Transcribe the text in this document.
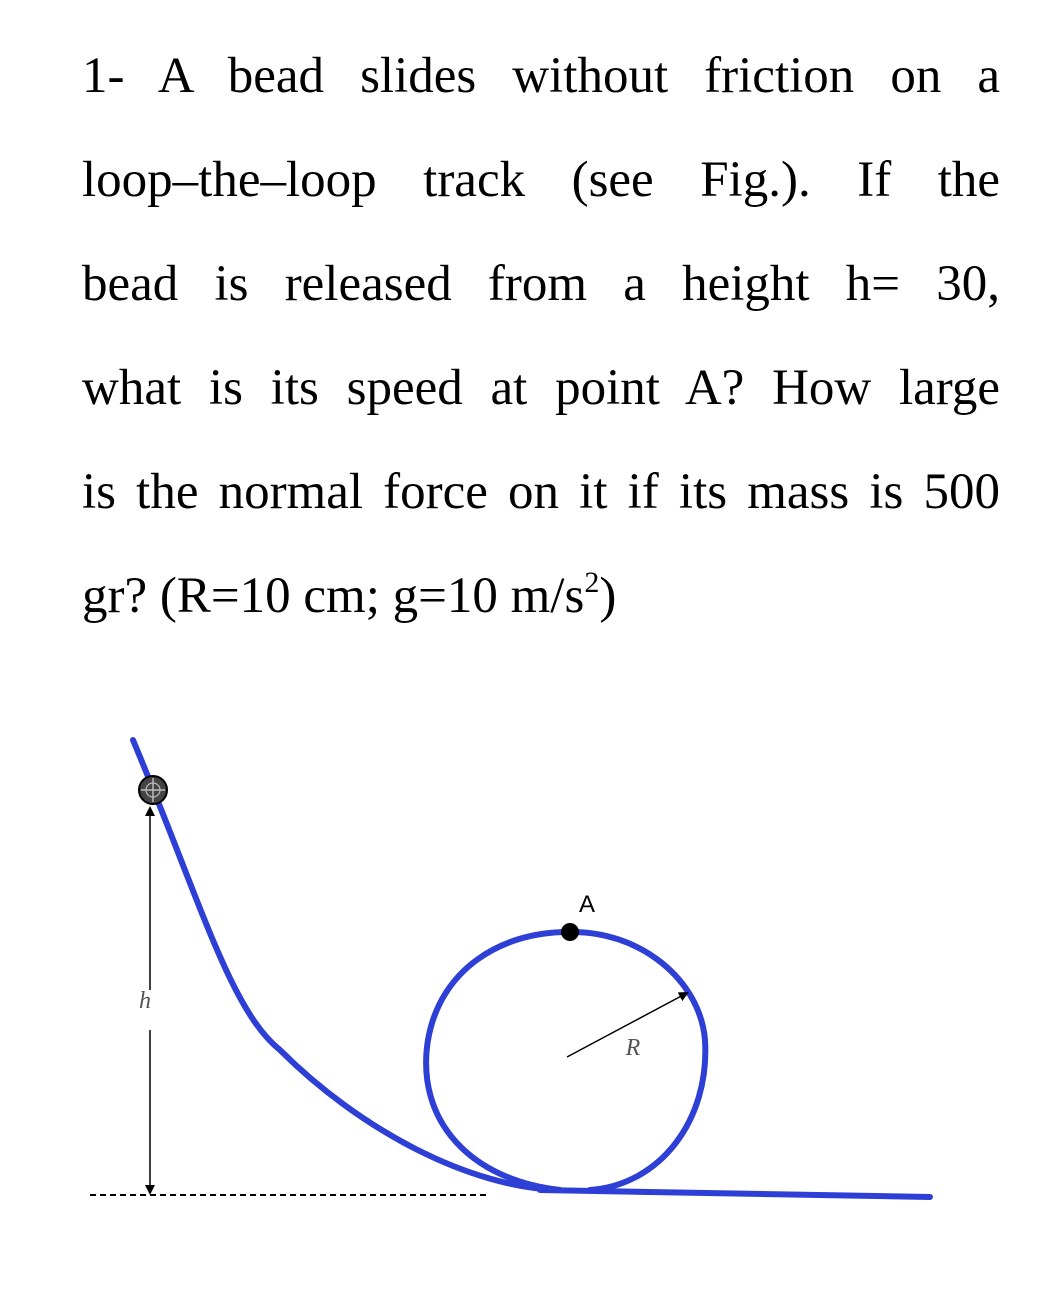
1- A bead slides without friction on a
loop–the–loop track (see Fig.). If the
bead is released from a height h= 30,
what is its speed at point A? How large
is the normal force on it if its mass is 500
gr? (R=10 cm; g=10 $m/s^2$)
h
R
A
